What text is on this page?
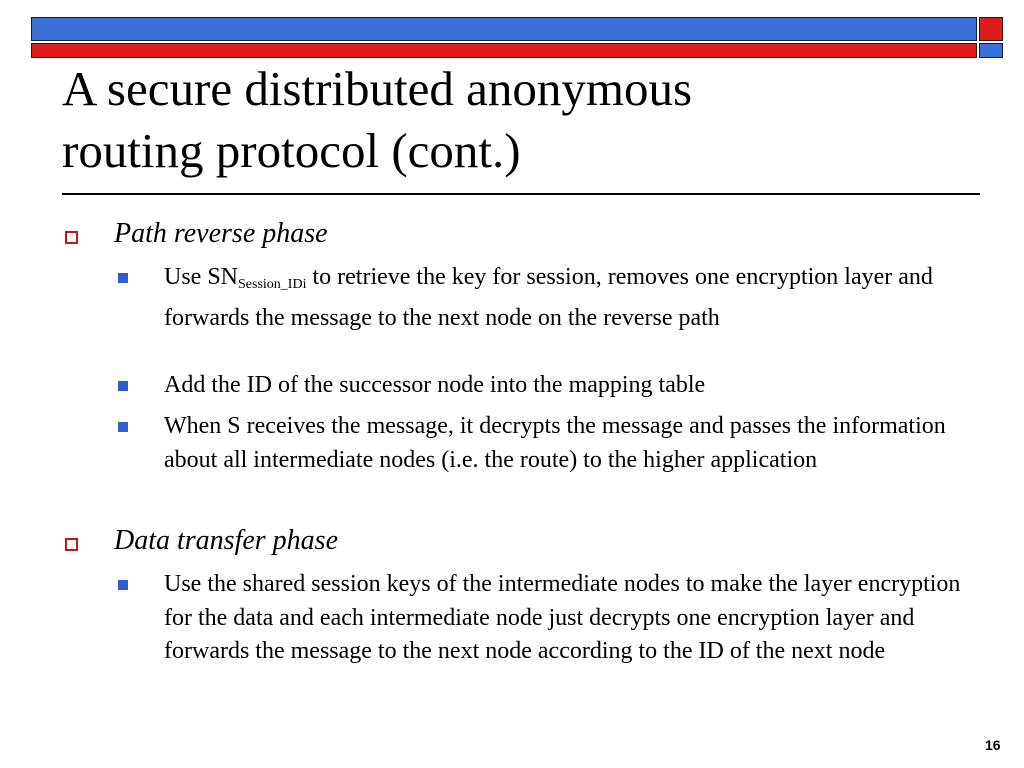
A secure distributed anonymous
routing protocol (cont.)
Path reverse phase
Use $SN_{Session\_IDi}$ to retrieve the key for session, removes one encryption layer and forwards the message to the next node on the reverse path
Add the ID of the successor node into the mapping table
When S receives the message, it decrypts the message and passes the information about all intermediate nodes (i.e. the route) to the higher application
Data transfer phase
Use the shared session keys of the intermediate nodes to make the layer encryption for the data and each intermediate node just decrypts one encryption layer and forwards the message to the next node according to the ID of the next node
16
